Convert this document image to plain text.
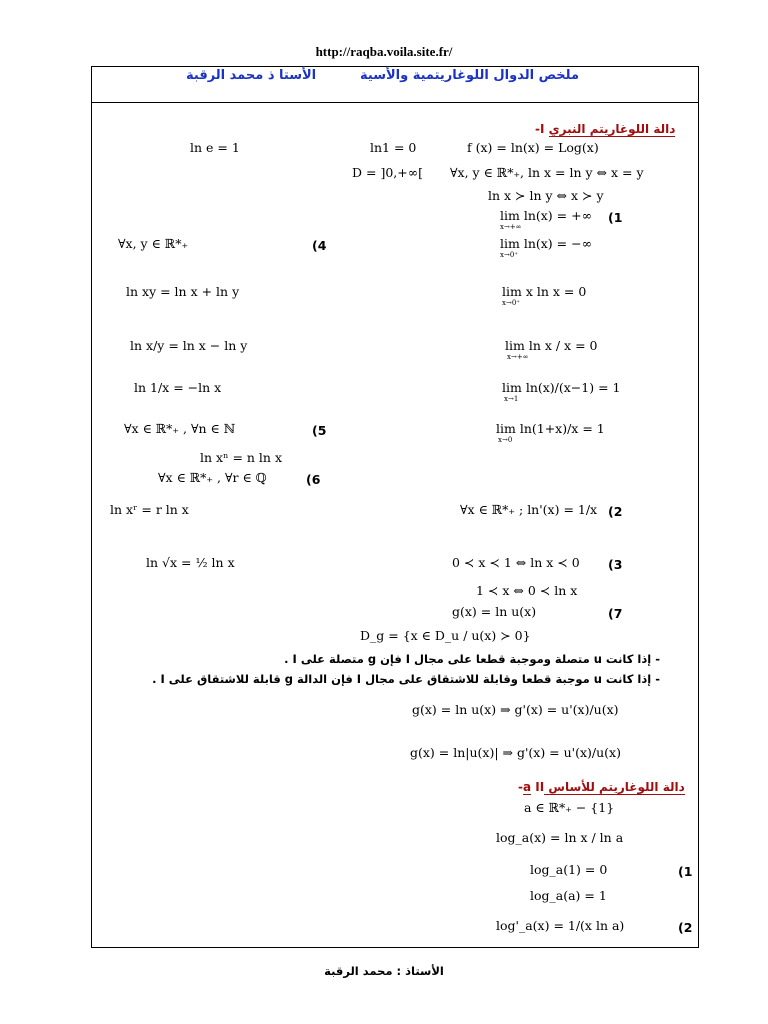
http://raqba.voila.site.fr/
ملخص الدوال اللوغاريتمية والأسية
الأستا ذ محمد الرقبة
دالة اللوغاريتم النبري I-
ln1 = 0
ln e = 1	f (x) = ln(x) = Log(x)
D = ]0,+∞[ ∀x, y ∈ ℝ*₊, ln x = ln y ⇔ x = y
ln x ≻ ln y ⇔ x ≻ y
lim ln(x) = +∞
x→+∞
(1
∀x, y ∈ ℝ*₊	(4	lim ln(x) = −∞
x→0⁺
ln xy = ln x + ln y	lim x ln x = 0
x→0⁺
ln x/y = ln x − ln y	lim ln x / x = 0
x→+∞
ln 1/x = −ln x	lim ln(x)/(x−1) = 1
x→1
∀x ∈ ℝ*₊ , ∀n ∈ ℕ	(5	lim ln(1+x)/x = 1
x→0
ln xⁿ = n ln x
∀x ∈ ℝ*₊ , ∀r ∈ ℚ	(6
ln xʳ = r ln x	∀x ∈ ℝ*₊ ; ln'(x) = 1/x (2
ln √x = ½ ln x	0 ≺ x ≺ 1 ⇔ ln x ≺ 0 (3
1 ≺ x ⇔ 0 ≺ ln x
g(x) = ln u(x)	(7
D_g = {x ∈ D_u / u(x) ≻ 0}
- إذا كانت u متصلة وموجبة قطعا على مجال I فإن g متصلة على I .
- إذا كانت u موجبة قطعا وقابلة للاشتقاق على مجال I فإن الدالة g قابلة للاشتقاق على I .
g(x) = ln u(x) ⇒ g'(x) = u'(x)/u(x)
g(x) = ln|u(x)| ⇒ g'(x) = u'(x)/u(x)
دالة اللوغاريتم للأساس a II-
a ∈ ℝ*₊ − {1}
log_a(x) = ln x / ln a
log_a(1) = 0	(1
log_a(a) = 1
log'_a(x) = 1/(x ln a)	(2
الأستاذ : محمد الرقبة
